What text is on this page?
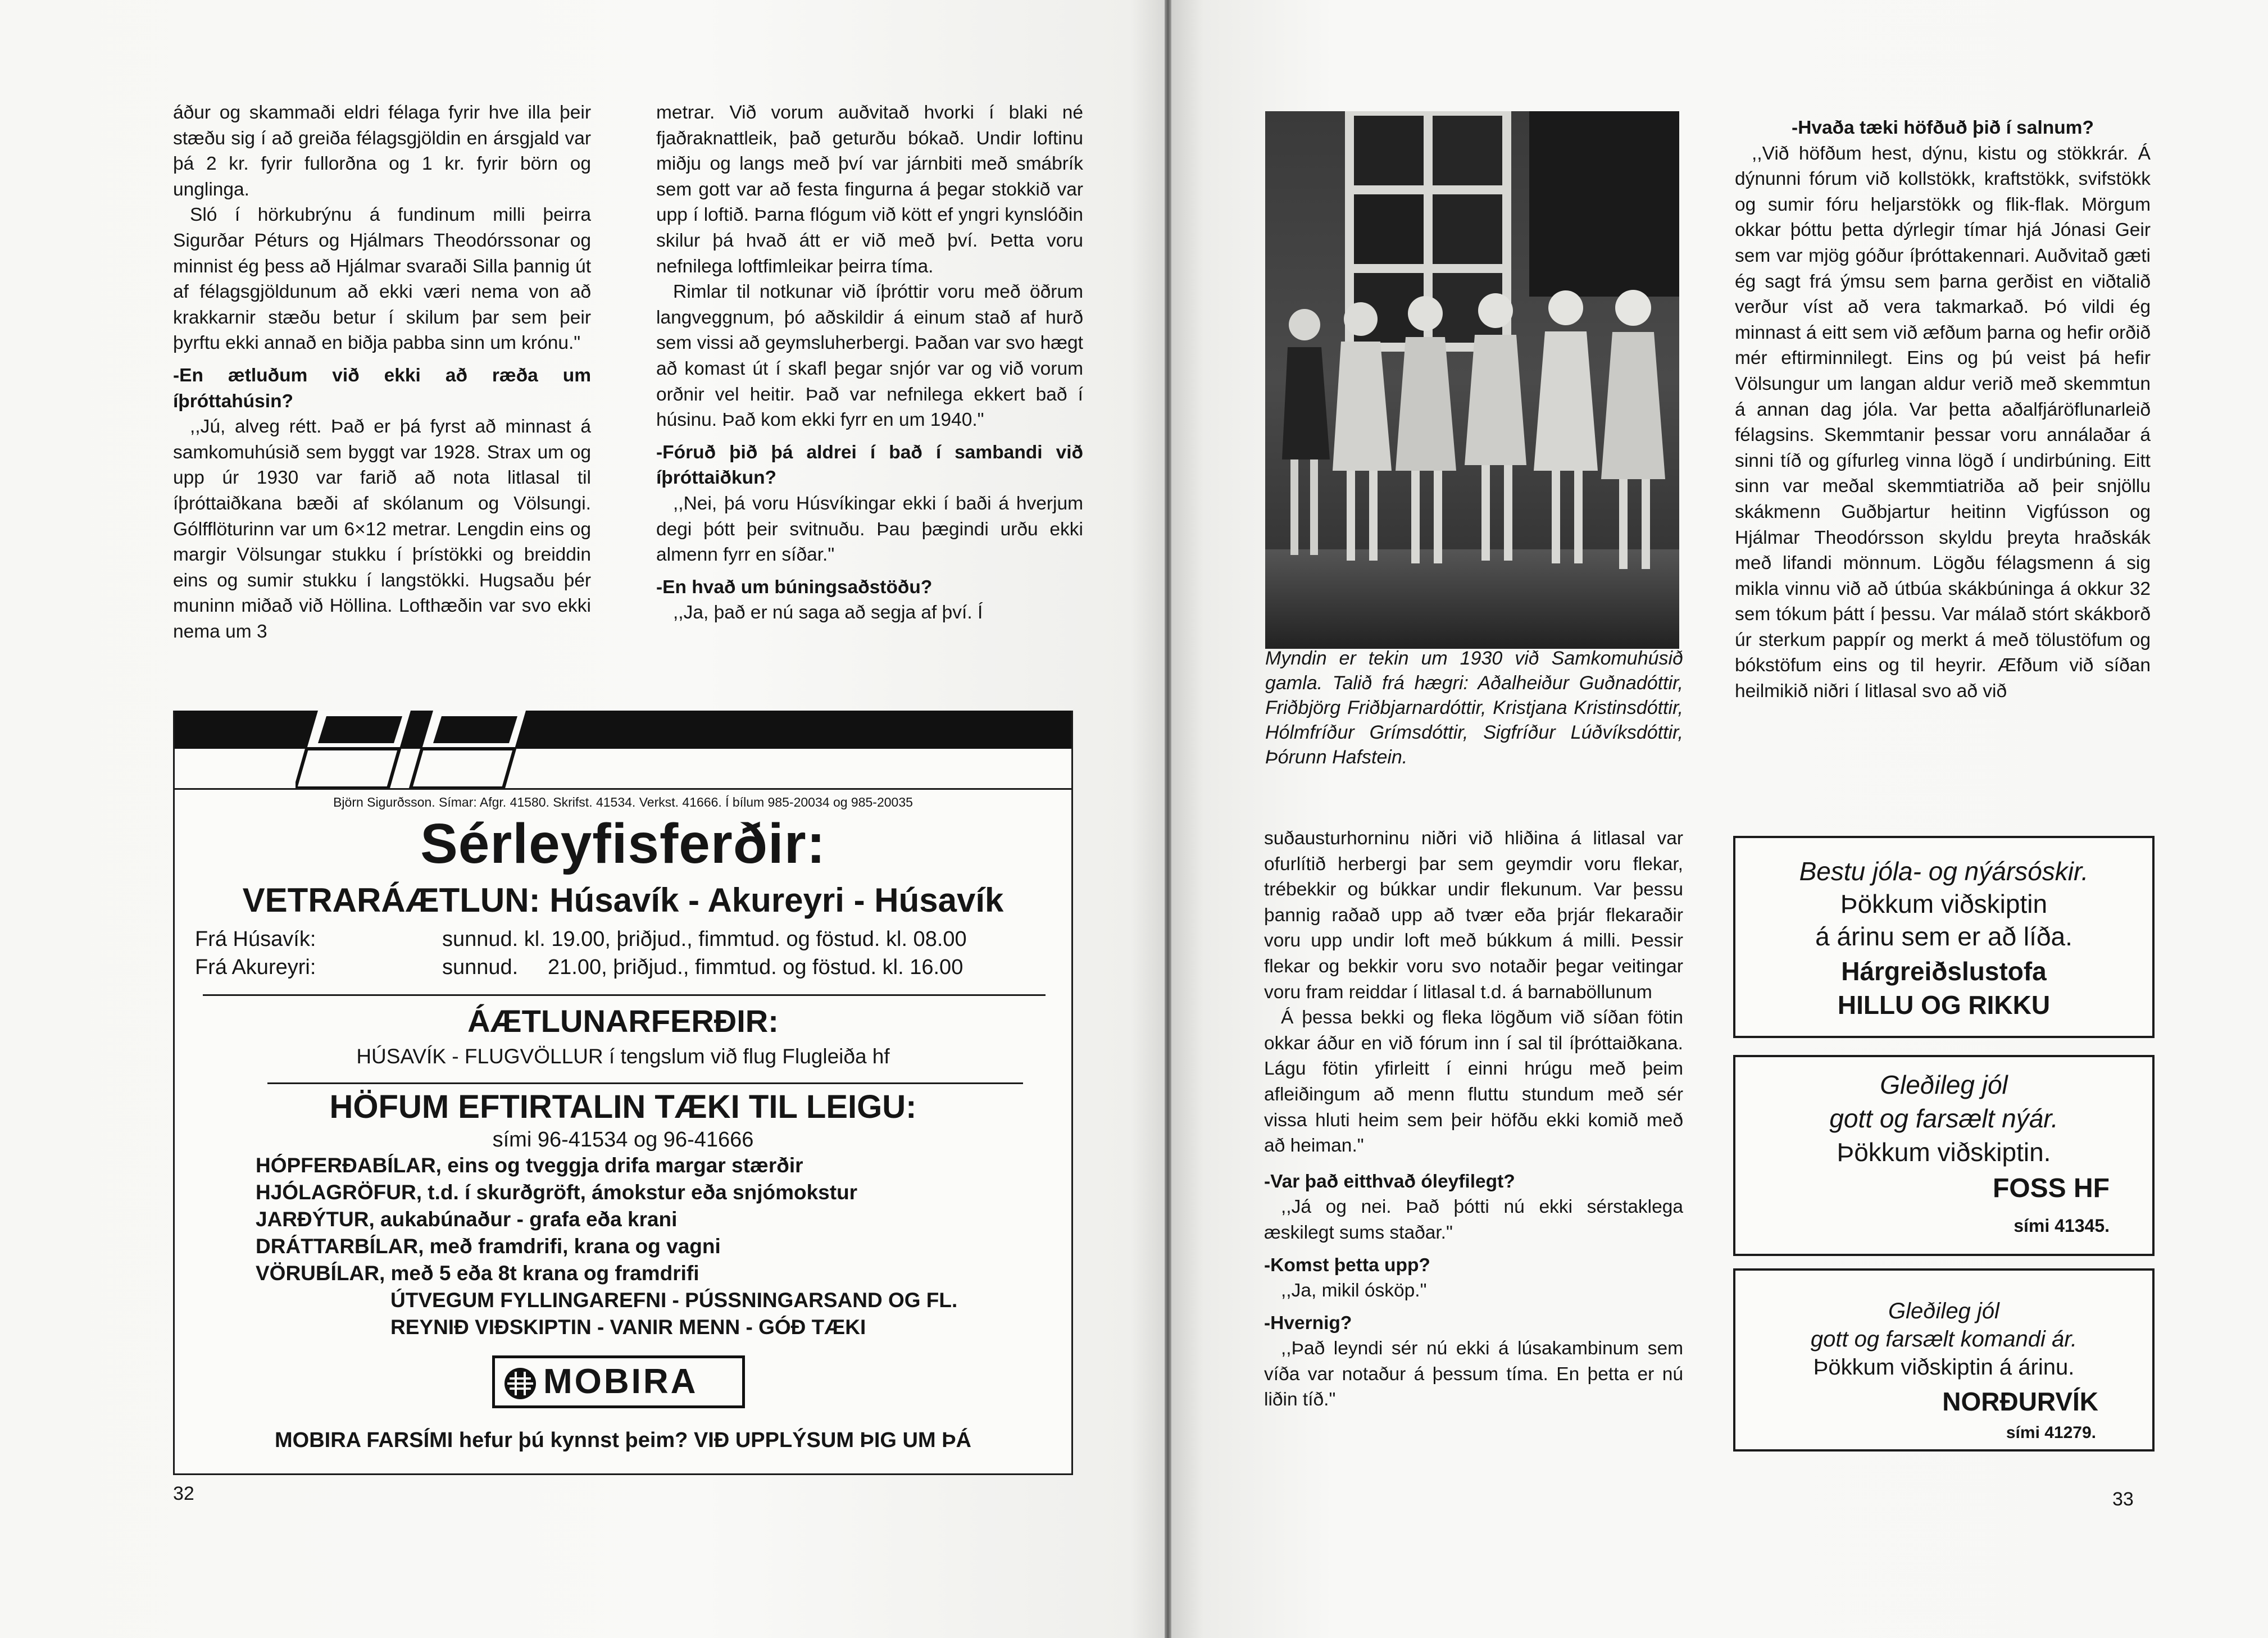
áður og skammaði eldri félaga fyrir hve illa þeir stæðu sig í að greiða félagsgjöldin en ársgjald var þá 2 kr. fyrir fullorðna og 1 kr. fyrir börn og unglinga.

Sló í hörkubrýnu á fundinum milli þeirra Sigurðar Péturs og Hjálmars Theodórssonar og minnist ég þess að Hjálmar svaraði Silla þannig út af félagsgjöldunum að ekki væri nema von að krakkarnir stæðu betur í skilum þar sem þeir þyrftu ekki annað en biðja pabba sinn um krónu."

-En ætluðum við ekki að ræða um íþróttahúsin?

,,Jú, alveg rétt. Það er þá fyrst að minnast á samkomuhúsið sem byggt var 1928. Strax um og upp úr 1930 var farið að nota litlasal til íþróttaiðkana bæði af skólanum og Völsungi. Gólfflöturinn var um 6×12 metrar. Lengdin eins og margir Völsungar stukku í þrístökki og breiddin eins og sumir stukku í langstökki. Hugsaðu þér muninn miðað við Höllina. Lofthæðin var svo ekki nema um 3

metrar. Við vorum auðvitað hvorki í blaki né fjaðraknattleik, það geturðu bókað. Undir loftinu miðju og langs með því var járnbiti með smábrík sem gott var að festa fingurna á þegar stokkið var upp í loftið. Þarna flógum við kött ef yngri kynslóðin skilur þá hvað átt er við með því. Þetta voru nefnilega loftfimleikar þeirra tíma.

Rimlar til notkunar við íþróttir voru með öðrum langveggnum, þó aðskildir á einum stað af hurð sem vissi að geymsluherbergi. Þaðan var svo hægt að komast út í skafl þegar snjór var og við vorum orðnir vel heitir. Það var nefnilega ekkert bað í húsinu. Það kom ekki fyrr en um 1940."

-Fóruð þið þá aldrei í bað í sambandi við íþróttaiðkun?

,,Nei, þá voru Húsvíkingar ekki í baði á hverjum degi þótt þeir svitnuðu. Þau þægindi urðu ekki almenn fyrr en síðar."

-En hvað um búningsaðstöðu?

,,Ja, það er nú saga að segja af því. Í

Björn Sigurðsson. Símar: Afgr. 41580. Skrifst. 41534. Verkst. 41666. Í bílum 985-20034 og 985-20035
Sérleyfisferðir:
VETRARÁÆTLUN: Húsavík - Akureyri - Húsavík
Frá Húsavík:	sunnud. kl. 19.00, þriðjud., fimmtud. og föstud. kl. 08.00
Frá Akureyri:	sunnud.     21.00, þriðjud., fimmtud. og föstud. kl. 16.00
ÁÆTLUNARFERÐIR:
HÚSAVÍK - FLUGVÖLLUR í tengslum við flug Flugleiða hf
HÖFUM EFTIRTALIN TÆKI TIL LEIGU:
sími 96-41534 og 96-41666
HÓPFERÐABÍLAR, eins og tveggja drifa margar stærðir
HJÓLAGRÖFUR, t.d. í skurðgröft, ámokstur eða snjómokstur
JARÐÝTUR, aukabúnaður - grafa eða krani
DRÁTTARBÍLAR, með framdrifi, krana og vagni
VÖRUBÍLAR, með 5 eða 8t krana og framdrifi
ÚTVEGUM FYLLINGAREFNI - PÚSSNINGARSAND OG FL.
REYNIÐ VIÐSKIPTIN - VANIR MENN - GÓÐ TÆKI
MOBIRA
MOBIRA FARSÍMI hefur þú kynnst þeim? VIÐ UPPLÝSUM ÞIG UM ÞÁ
32
Myndin er tekin um 1930 við Samkomuhúsið gamla. Talið frá hægri: Aðalheiður Guðnadóttir, Friðbjörg Friðbjarnardóttir, Kristjana Kristinsdóttir, Hólmfríður Grímsdóttir, Sigfríður Lúðvíksdóttir, Þórunn Hafstein.

suðausturhorninu niðri við hliðina á litlasal var ofurlítið herbergi þar sem geymdir voru flekar, trébekkir og búkkar undir flekunum. Var þessu þannig raðað upp að tvær eða þrjár flekaraðir voru upp undir loft með búkkum á milli. Þessir flekar og bekkir voru svo notaðir þegar veitingar voru fram reiddar í litlasal t.d. á barnaböllunum

Á þessa bekki og fleka lögðum við síðan fötin okkar áður en við fórum inn í sal til íþróttaiðkana. Lágu fötin yfirleitt í einni hrúgu með þeim afleiðingum að menn fluttu stundum með sér vissa hluti heim sem þeir höfðu ekki komið með að heiman."

-Var það eitthvað óleyfilegt?

,,Já og nei. Það þótti nú ekki sérstaklega æskilegt sums staðar."

-Komst þetta upp?

,,Ja, mikil ósköp."

-Hvernig?

,,Það leyndi sér nú ekki á lúsakambinum sem víða var notaður á þessum tíma. En þetta er nú liðin tíð."

-Hvaða tæki höfðuð þið í salnum?

,,Við höfðum hest, dýnu, kistu og stökkrár. Á dýnunni fórum við kollstökk, kraftstökk, svifstökk og sumir fóru heljarstökk og flik-flak. Mörgum okkar þóttu þetta dýrlegir tímar hjá Jónasi Geir sem var mjög góður íþróttakennari. Auðvitað gæti ég sagt frá ýmsu sem þarna gerðist en viðtalið verður víst að vera takmarkað. Þó vildi ég minnast á eitt sem við æfðum þarna og hefir orðið mér eftirminnilegt. Eins og þú veist þá hefir Völsungur um langan aldur verið með skemmtun á annan dag jóla. Var þetta aðalfjáröflunarleið félagsins. Skemmtanir þessar voru annálaðar á sinni tíð og gífurleg vinna lögð í undirbúning. Eitt sinn var meðal skemmtiatriða að þeir snjöllu skákmenn Guðbjartur heitinn Vigfússon og Hjálmar Theodórsson skyldu þreyta hraðskák með lifandi mönnum. Lögðu félagsmenn á sig mikla vinnu við að útbúa skákbúninga á okkur 32 sem tókum þátt í þessu. Var málað stórt skákborð úr sterkum pappír og merkt á með tölustöfum og bókstöfum eins og til heyrir. Æfðum við síðan heilmikið niðri í litlasal svo að við

Bestu jóla- og nýársóskir.
Þökkum viðskiptin
á árinu sem er að líða.
Hárgreiðslustofa
HILLU OG RIKKU
Gleðileg jól
gott og farsælt nýár.
Þökkum viðskiptin.
FOSS HF
sími 41345.
Gleðileg jól
gott og farsælt komandi ár.
Þökkum viðskiptin á árinu.
NORÐURVÍK
sími 41279.
33
